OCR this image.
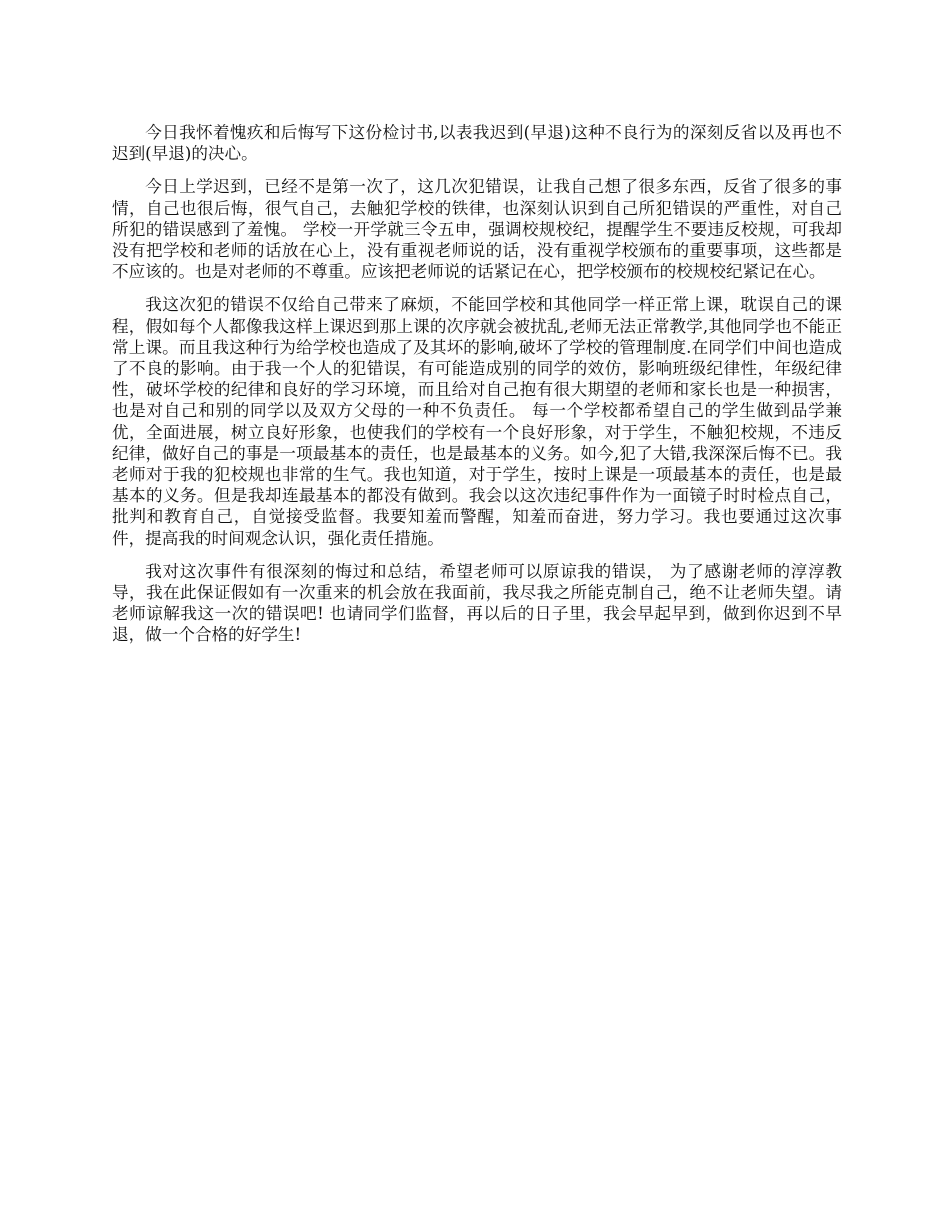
今日我怀着愧疚和后悔写下这份检讨书,以表我迟到(早退)这种不良行为的深刻反省以及再也不迟到(早退)的决心。

今日上学迟到，已经不是第一次了，这几次犯错误，让我自己想了很多东西，反省了很多的事情，自己也很后悔，很气自己，去触犯学校的铁律，也深刻认识到自己所犯错误的严重性，对自己所犯的错误感到了羞愧。 学校一开学就三令五申，强调校规校纪，提醒学生不要违反校规，可我却没有把学校和老师的话放在心上，没有重视老师说的话，没有重视学校颁布的重要事项，这些都是不应该的。也是对老师的不尊重。应该把老师说的话紧记在心，把学校颁布的校规校纪紧记在心。

我这次犯的错误不仅给自己带来了麻烦，不能回学校和其他同学一样正常上课，耽误自己的课程，假如每个人都像我这样上课迟到那上课的次序就会被扰乱,老师无法正常教学,其他同学也不能正常上课。而且我这种行为给学校也造成了及其坏的影响,破坏了学校的管理制度.在同学们中间也造成了不良的影响。由于我一个人的犯错误，有可能造成别的同学的效仿，影响班级纪律性，年级纪律性，破坏学校的纪律和良好的学习环境，而且给对自己抱有很大期望的老师和家长也是一种损害，也是对自己和别的同学以及双方父母的一种不负责任。 每一个学校都希望自己的学生做到品学兼优，全面进展，树立良好形象，也使我们的学校有一个良好形象，对于学生，不触犯校规，不违反纪律，做好自己的事是一项最基本的责任，也是最基本的义务。如今,犯了大错,我深深后悔不已。我老师对于我的犯校规也非常的生气。我也知道，对于学生，按时上课是一项最基本的责任，也是最基本的义务。但是我却连最基本的都没有做到。我会以这次违纪事件作为一面镜子时时检点自己，批判和教育自己，自觉接受监督。我要知羞而警醒，知羞而奋进，努力学习。我也要通过这次事件，提高我的时间观念认识，强化责任措施。

我对这次事件有很深刻的悔过和总结，希望老师可以原谅我的错误， 为了感谢老师的淳淳教导，我在此保证假如有一次重来的机会放在我面前，我尽我之所能克制自己，绝不让老师失望。请老师谅解我这一次的错误吧! 也请同学们监督，再以后的日子里，我会早起早到，做到你迟到不早退，做一个合格的好学生!
